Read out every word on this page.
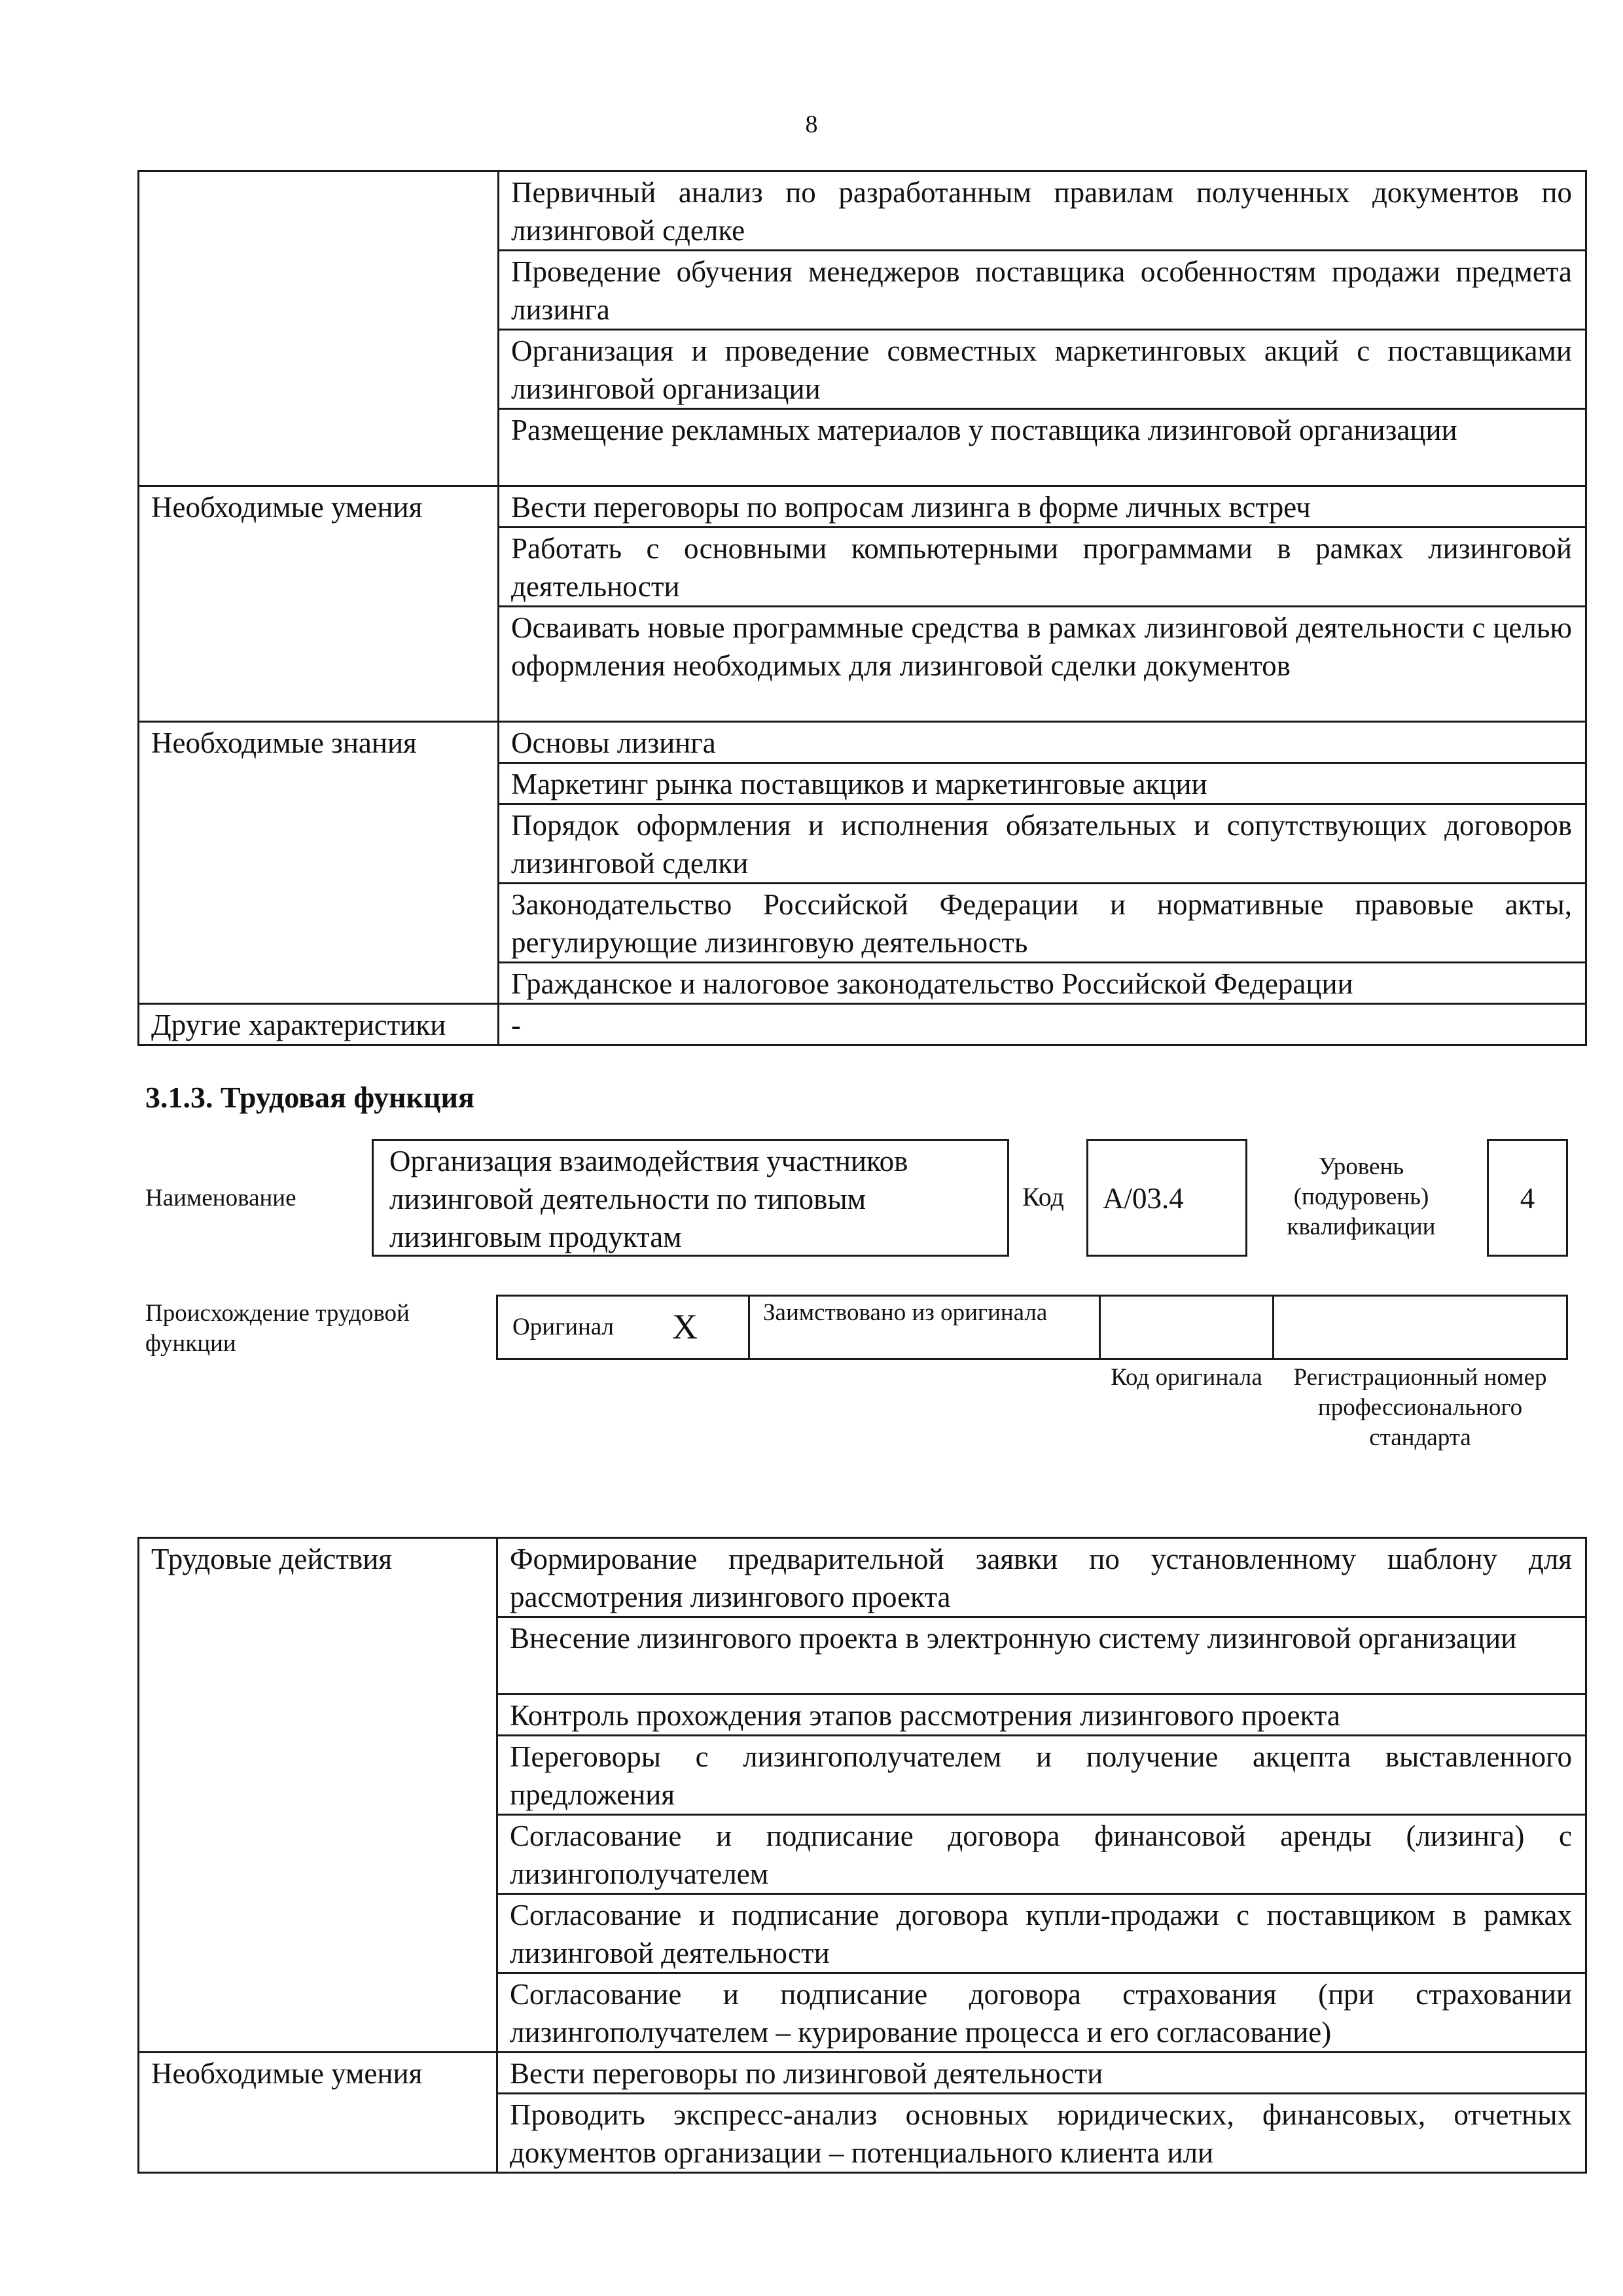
8
	Первичный анализ по разработанным правилам полученных документов по лизинговой сделке
	Проведение обучения менеджеров поставщика особенностям продажи предмета лизинга
	Организация и проведение совместных маркетинговых акций с поставщиками лизинговой организации
	Размещение рекламных материалов у поставщика лизинговой организации
Необходимые умения	Вести переговоры по вопросам лизинга в форме личных встреч
	Работать с основными компьютерными программами в рамках лизинговой деятельности
	Осваивать новые программные средства в рамках лизинговой деятельности с целью оформления необходимых для лизинговой сделки документов
Необходимые знания	Основы лизинга
	Маркетинг рынка поставщиков и маркетинговые акции
	Порядок оформления и исполнения обязательных и сопутствующих договоров лизинговой сделки
	Законодательство Российской Федерации и нормативные правовые акты, регулирующие лизинговую деятельность
	Гражданское и налоговое законодательство Российской Федерации
Другие характеристики	-
3.1.3. Трудовая функция
Наименование
Организация взаимодействия участников лизинговой деятельности по типовым лизинговым продуктам
Код	А/03.4
Уровень (подуровень) квалификации
4
Происхождение трудовой функции
Оригинал X	Заимствовано из оригинала
Код оригинала	Регистрационный номер профессионального стандарта
Трудовые действия	Формирование предварительной заявки по установленному шаблону для рассмотрения лизингового проекта
	Внесение лизингового проекта в электронную систему лизинговой организации
	Контроль прохождения этапов рассмотрения лизингового проекта
	Переговоры с лизингополучателем и получение акцепта выставленного предложения
	Согласование и подписание договора финансовой аренды (лизинга) с лизингополучателем
	Согласование и подписание договора купли-продажи с поставщиком в рамках лизинговой деятельности
	Согласование и подписание договора страхования (при страховании лизингополучателем – курирование процесса и его согласование)
Необходимые умения	Вести переговоры по лизинговой деятельности
	Проводить экспресс-анализ основных юридических, финансовых, отчетных документов организации – потенциального клиента или
